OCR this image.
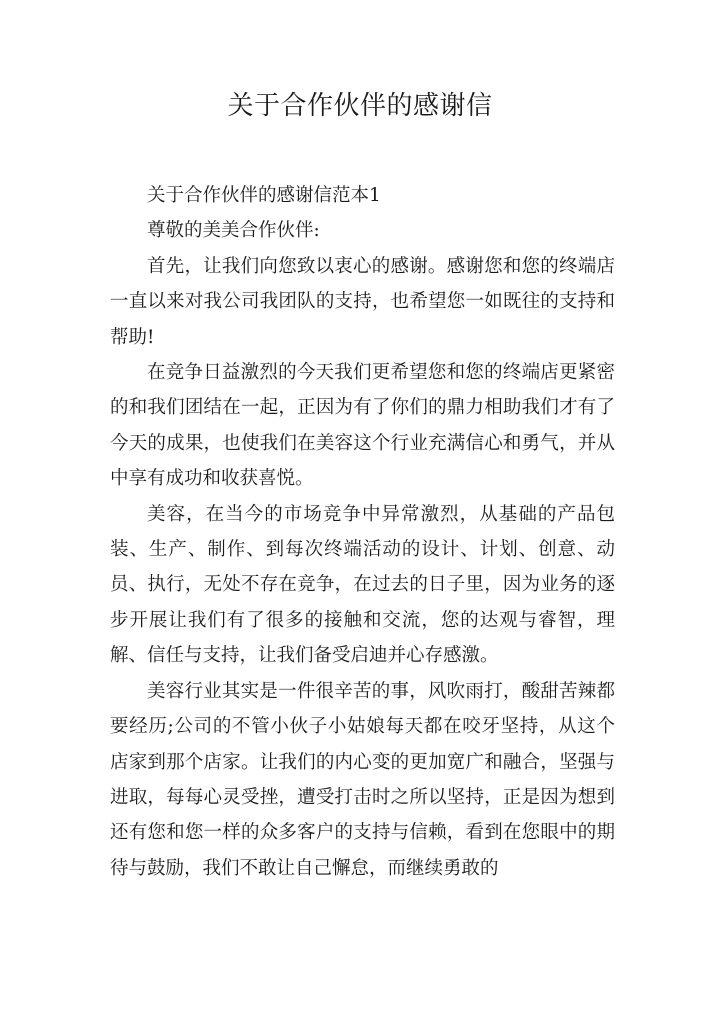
关于合作伙伴的感谢信

关于合作伙伴的感谢信范本1

尊敬的美美合作伙伴:

首先，让我们向您致以衷心的感谢。感谢您和您的终端店一直以来对我公司我团队的支持，也希望您一如既往的支持和帮助!

在竞争日益激烈的今天我们更希望您和您的终端店更紧密的和我们团结在一起，正因为有了你们的鼎力相助我们才有了今天的成果，也使我们在美容这个行业充满信心和勇气，并从中享有成功和收获喜悦。

美容，在当今的市场竞争中异常激烈，从基础的产品包装、生产、制作、到每次终端活动的设计、计划、创意、动员、执行，无处不存在竞争，在过去的日子里，因为业务的逐步开展让我们有了很多的接触和交流，您的达观与睿智，理解、信任与支持，让我们备受启迪并心存感激。

美容行业其实是一件很辛苦的事，风吹雨打，酸甜苦辣都要经历;公司的不管小伙子小姑娘每天都在咬牙坚持，从这个店家到那个店家。让我们的内心变的更加宽广和融合，坚强与进取，每每心灵受挫，遭受打击时之所以坚持，正是因为想到还有您和您一样的众多客户的支持与信赖，看到在您眼中的期待与鼓励，我们不敢让自己懈怠，而继续勇敢的
